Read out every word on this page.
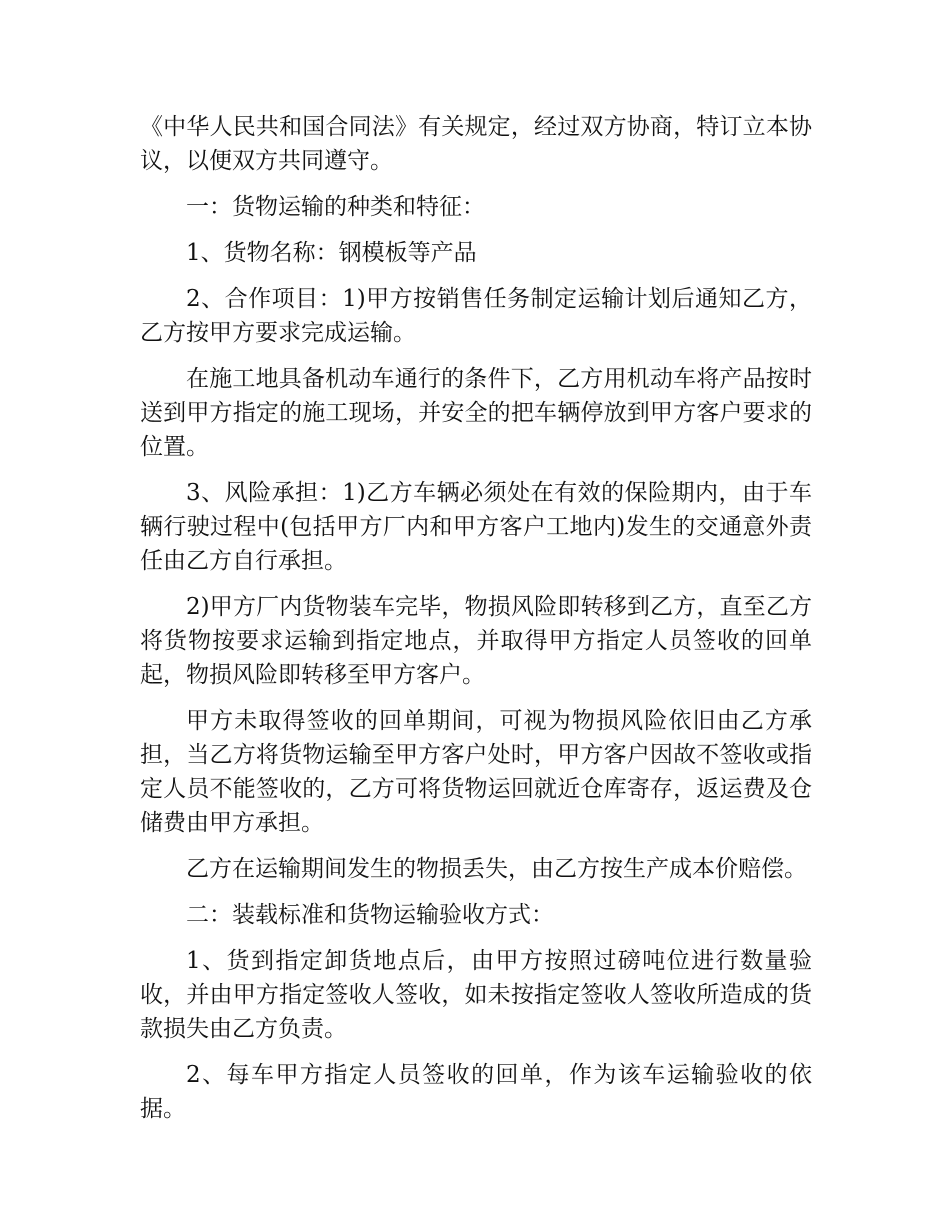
《中华人民共和国合同法》有关规定，经过双方协商，特订立本协议，以便双方共同遵守。

一：货物运输的种类和特征：

1、货物名称：钢模板等产品

2、合作项目：1)甲方按销售任务制定运输计划后通知乙方，乙方按甲方要求完成运输。

在施工地具备机动车通行的条件下，乙方用机动车将产品按时送到甲方指定的施工现场，并安全的把车辆停放到甲方客户要求的位置。

3、风险承担：1)乙方车辆必须处在有效的保险期内，由于车辆行驶过程中(包括甲方厂内和甲方客户工地内)发生的交通意外责任由乙方自行承担。

2)甲方厂内货物装车完毕，物损风险即转移到乙方，直至乙方将货物按要求运输到指定地点，并取得甲方指定人员签收的回单起，物损风险即转移至甲方客户。

甲方未取得签收的回单期间，可视为物损风险依旧由乙方承担，当乙方将货物运输至甲方客户处时，甲方客户因故不签收或指定人员不能签收的，乙方可将货物运回就近仓库寄存，返运费及仓储费由甲方承担。

乙方在运输期间发生的物损丢失，由乙方按生产成本价赔偿。

二：装载标准和货物运输验收方式：

1、货到指定卸货地点后，由甲方按照过磅吨位进行数量验收，并由甲方指定签收人签收，如未按指定签收人签收所造成的货款损失由乙方负责。

2、每车甲方指定人员签收的回单，作为该车运输验收的依据。
